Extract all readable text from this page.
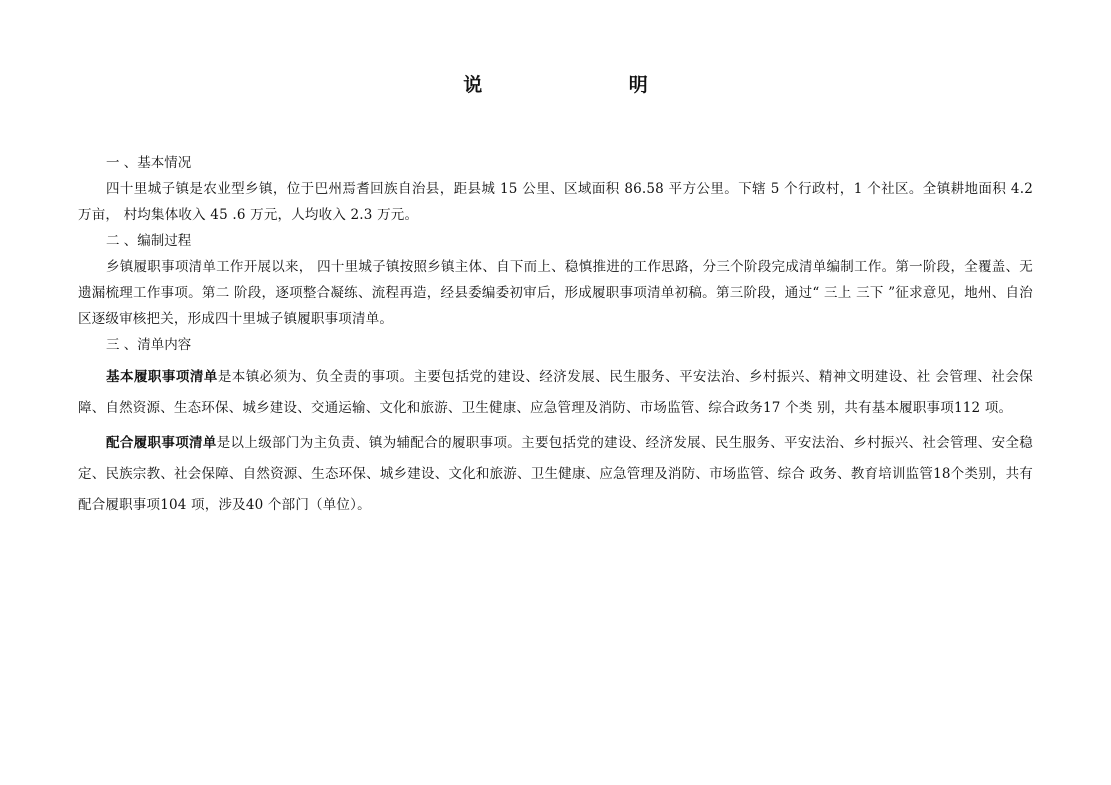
说 明
一 、基本情况

四十里城子镇是农业型乡镇，位于巴州焉耆回族自治县，距县城 15 公里、区域面积 86.58 平方公里。下辖 5 个行政村，1 个社区。全镇耕地面积 4.2 万亩， 村均集体收入 45 .6 万元，人均收入 2.3 万元。

二 、编制过程

乡镇履职事项清单工作开展以来， 四十里城子镇按照乡镇主体、自下而上、稳慎推进的工作思路，分三个阶段完成清单编制工作。第一阶段，全覆盖、无遗漏梳理工作事项。第二 阶段，逐项整合凝练、流程再造，经县委编委初审后，形成履职事项清单初稿。第三阶段，通过“ 三上 三下 ”征求意见，地州、自治区逐级审核把关，形成四十里城子镇履职事项清单。

三 、清单内容

基本履职事项清单是本镇必须为、负全责的事项。主要包括党的建设、经济发展、民生服务、平安法治、乡村振兴、精神文明建设、社 会管理、社会保障、自然资源、生态环保、城乡建设、交通运输、文化和旅游、卫生健康、应急管理及消防、市场监管、综合政务17 个类 别，共有基本履职事项112 项。

配合履职事项清单是以上级部门为主负责、镇为辅配合的履职事项。主要包括党的建设、经济发展、民生服务、平安法治、乡村振兴、社会管理、安全稳定、民族宗教、社会保障、自然资源、生态环保、城乡建设、文化和旅游、卫生健康、应急管理及消防、市场监管、综合 政务、教育培训监管18个类别，共有配合履职事项104 项，涉及40 个部门（单位）。
